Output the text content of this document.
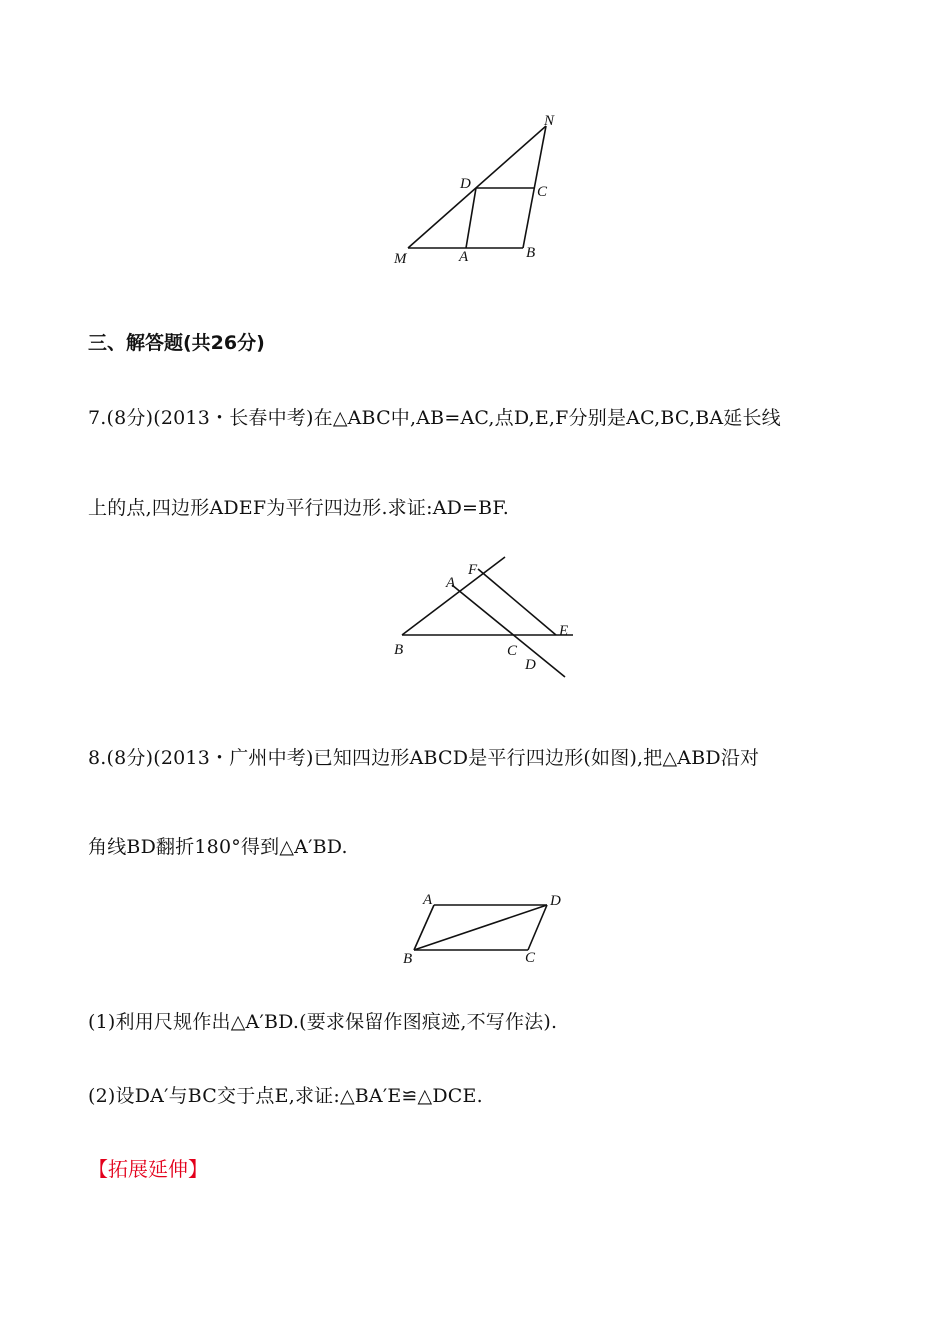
N
D	C
M	A	B
三、解答题(共26分)
7.(8分)(2013・长春中考)在△ABC中,AB=AC,点D,E,F分别是AC,BC,BA延长线
上的点,四边形ADEF为平行四边形.求证:AD=BF.
F
A
E
B	C
D
8.(8分)(2013・广州中考)已知四边形ABCD是平行四边形(如图),把△ABD沿对
角线BD翻折180°得到△A′BD.
A	D
B	C
(1)利用尺规作出△A′BD.(要求保留作图痕迹,不写作法).
(2)设DA′与BC交于点E,求证:△BA′E≌△DCE.
【拓展延伸】
